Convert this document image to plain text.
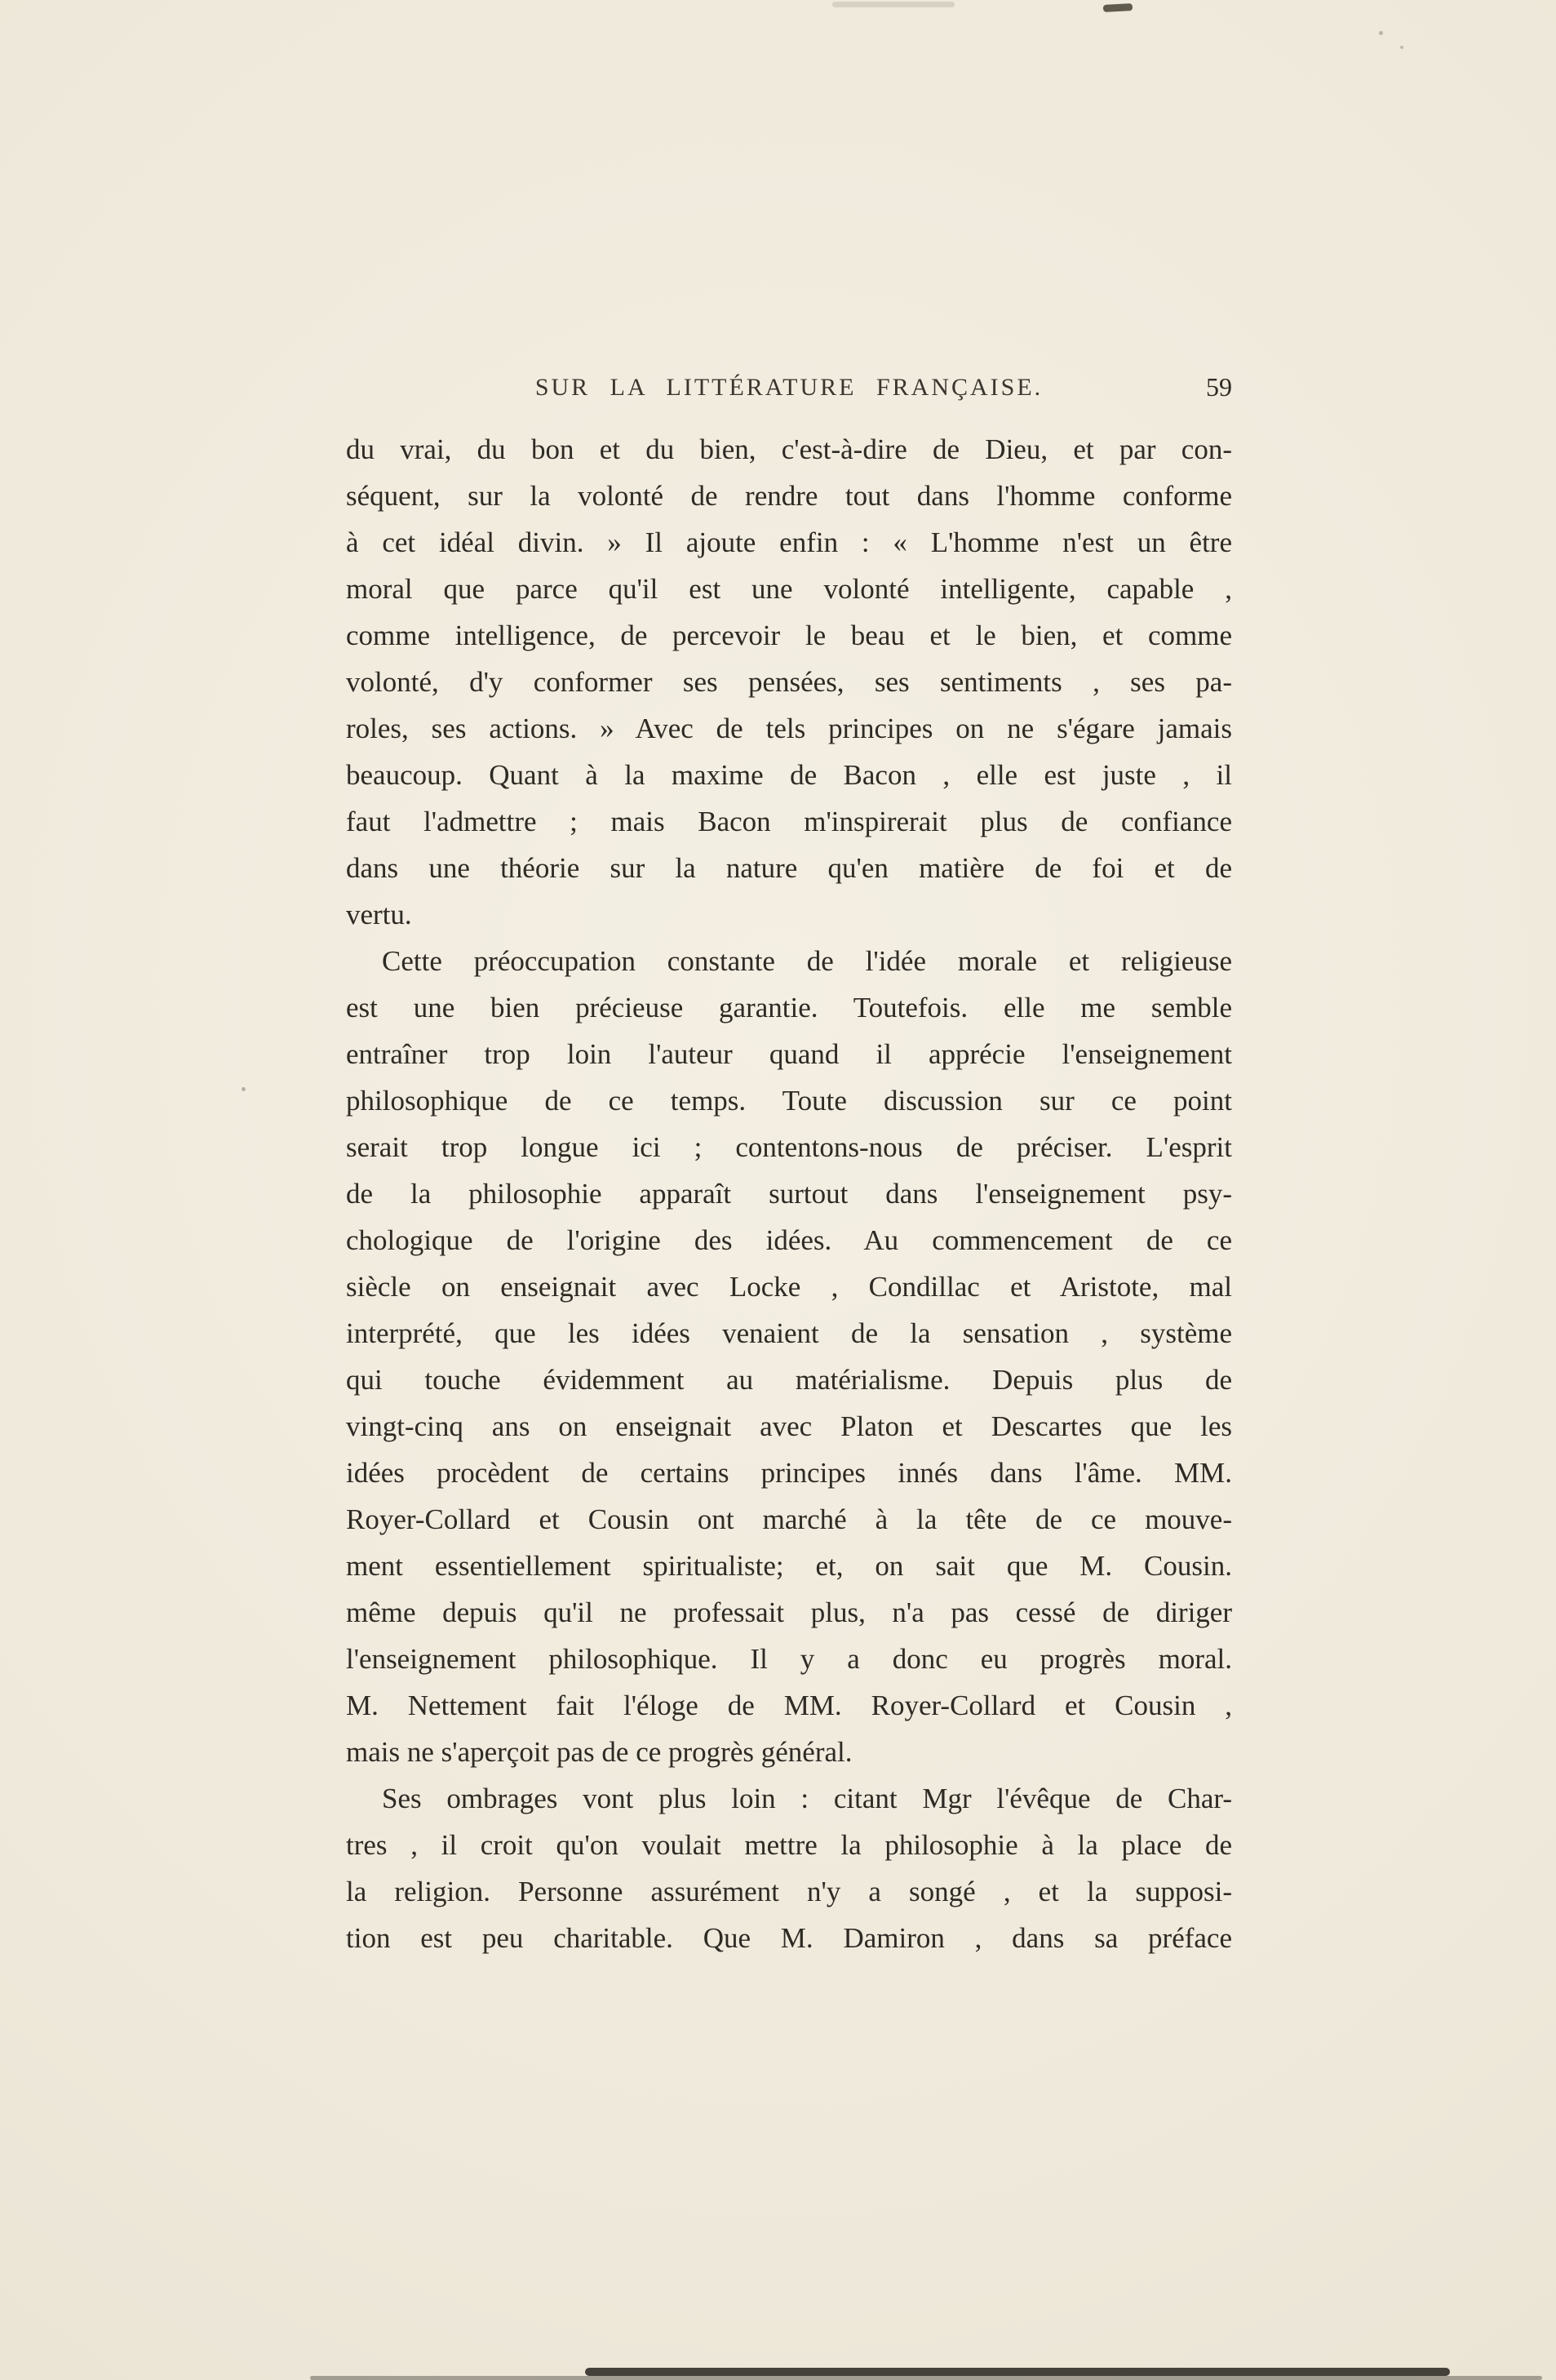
SUR LA LITTÉRATURE FRANÇAISE.	59

du vrai, du bon et du bien, c'est-à-dire de Dieu, et par con-
séquent, sur la volonté de rendre tout dans l'homme conforme
à cet idéal divin. » Il ajoute enfin : « L'homme n'est un être
moral que parce qu'il est une volonté intelligente, capable ,
comme intelligence, de percevoir le beau et le bien, et comme
volonté, d'y conformer ses pensées, ses sentiments , ses pa-
roles, ses actions. » Avec de tels principes on ne s'égare jamais
beaucoup. Quant à la maxime de Bacon , elle est juste , il
faut l'admettre ; mais Bacon m'inspirerait plus de confiance
dans une théorie sur la nature qu'en matière de foi et de
vertu.

Cette préoccupation constante de l'idée morale et religieuse
est une bien précieuse garantie. Toutefois. elle me semble
entraîner trop loin l'auteur quand il apprécie l'enseignement
philosophique de ce temps. Toute discussion sur ce point
serait trop longue ici ; contentons-nous de préciser. L'esprit
de la philosophie apparaît surtout dans l'enseignement psy-
chologique de l'origine des idées. Au commencement de ce
siècle on enseignait avec Locke , Condillac et Aristote, mal
interprété, que les idées venaient de la sensation , système
qui touche évidemment au matérialisme. Depuis plus de
vingt-cinq ans on enseignait avec Platon et Descartes que les
idées procèdent de certains principes innés dans l'âme. MM.
Royer-Collard et Cousin ont marché à la tête de ce mouve-
ment essentiellement spiritualiste; et, on sait que M. Cousin.
même depuis qu'il ne professait plus, n'a pas cessé de diriger
l'enseignement philosophique. Il y a donc eu progrès moral.
M. Nettement fait l'éloge de MM. Royer-Collard et Cousin ,
mais ne s'aperçoit pas de ce progrès général.

Ses ombrages vont plus loin : citant Mgr l'évêque de Char-
tres , il croit qu'on voulait mettre la philosophie à la place de
la religion. Personne assurément n'y a songé , et la supposi-
tion est peu charitable. Que M. Damiron , dans sa préface
